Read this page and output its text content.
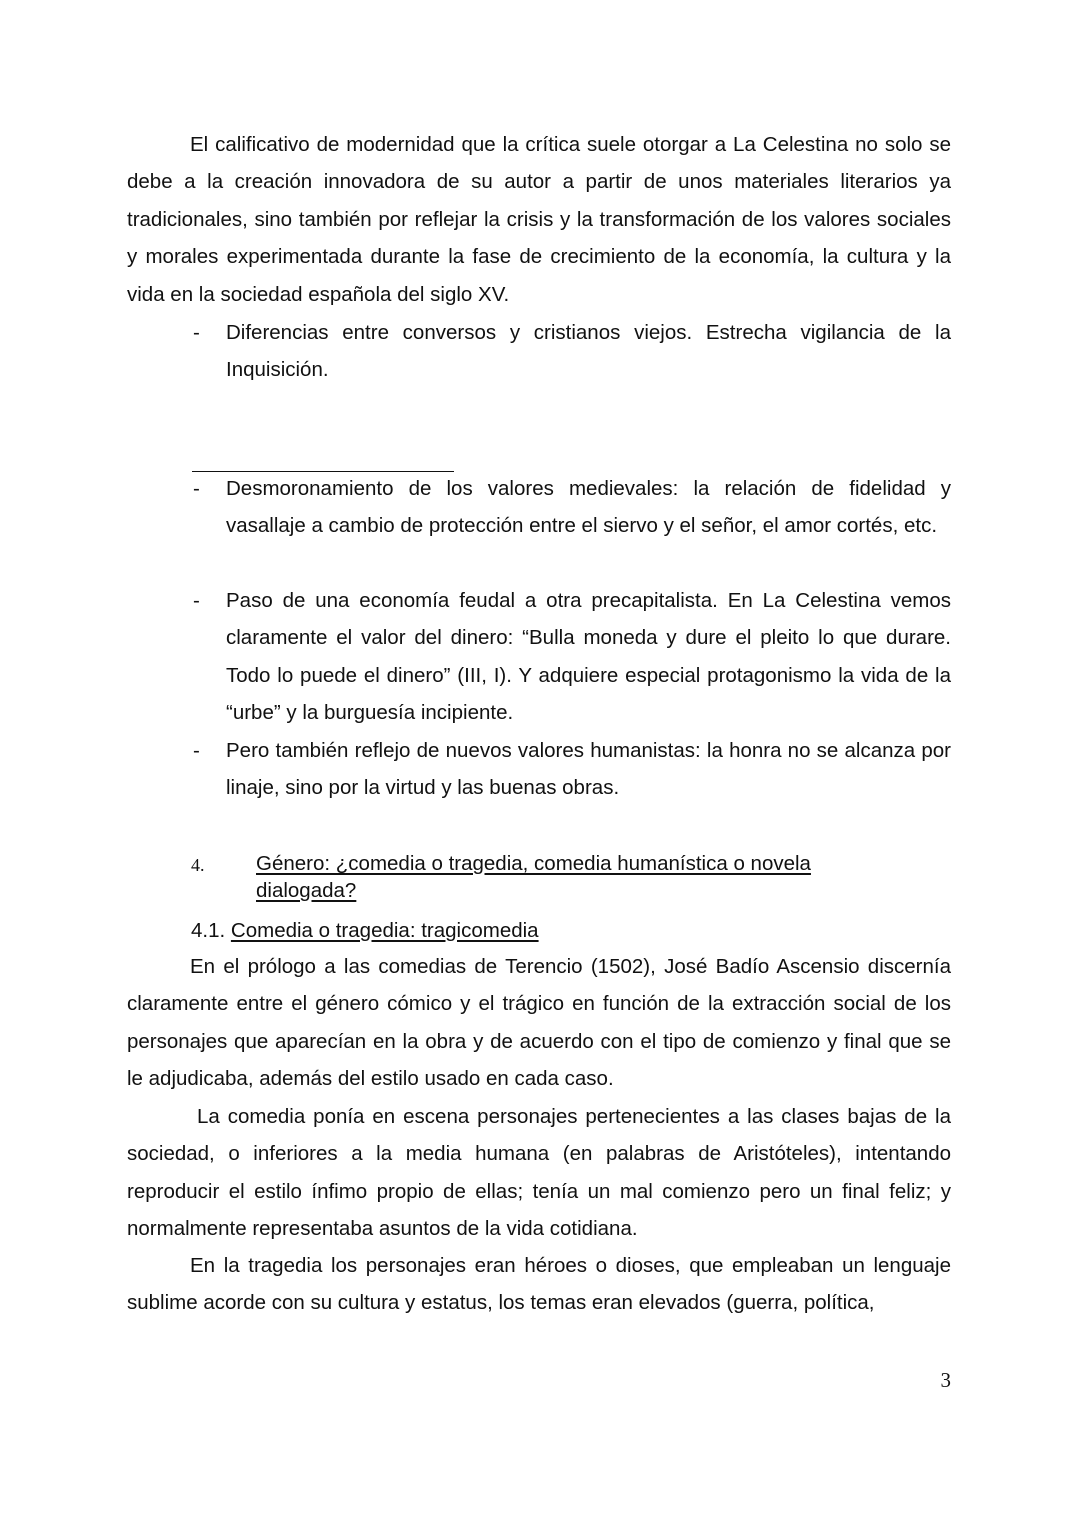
El calificativo de modernidad que la crítica suele otorgar a La Celestina no solo se debe a la creación innovadora de su autor a partir de unos materiales literarios ya tradicionales, sino también por reflejar la crisis y la transformación de los valores sociales y morales experimentada durante la fase de crecimiento de la economía, la cultura y la vida en la sociedad española del siglo XV.

-	Diferencias entre conversos y cristianos viejos. Estrecha vigilancia de la Inquisición.
-	Desmoronamiento de los valores medievales: la relación de fidelidad y vasallaje a cambio de protección entre el siervo y el señor, el amor cortés, etc.
-	Paso de una economía feudal a otra precapitalista. En La Celestina vemos claramente el valor del dinero: “Bulla moneda y dure el pleito lo que durare. Todo lo puede el dinero” (III, I). Y adquiere especial protagonismo la vida de la “urbe” y la burguesía incipiente.
-	Pero también reflejo de nuevos valores humanistas: la honra no se alcanza por linaje, sino por la virtud y las buenas obras.
4.	Género: ¿comedia o tragedia, comedia humanística o novela dialogada?
4.1. Comedia o tragedia: tragicomedia

En el prólogo a las comedias de Terencio (1502), José Badío Ascensio discernía claramente entre el género cómico y el trágico en función de la extracción social de los personajes que aparecían en la obra y de acuerdo con el tipo de comienzo y final que se le adjudicaba, además del estilo usado en cada caso.

La comedia ponía en escena personajes pertenecientes a las clases bajas de la sociedad, o inferiores a la media humana (en palabras de Aristóteles), intentando reproducir el estilo ínfimo propio de ellas; tenía un mal comienzo pero un final feliz; y normalmente representaba asuntos de la vida cotidiana.

En la tragedia los personajes eran héroes o dioses, que empleaban un lenguaje sublime acorde con su cultura y estatus, los temas eran elevados (guerra, política,

3
